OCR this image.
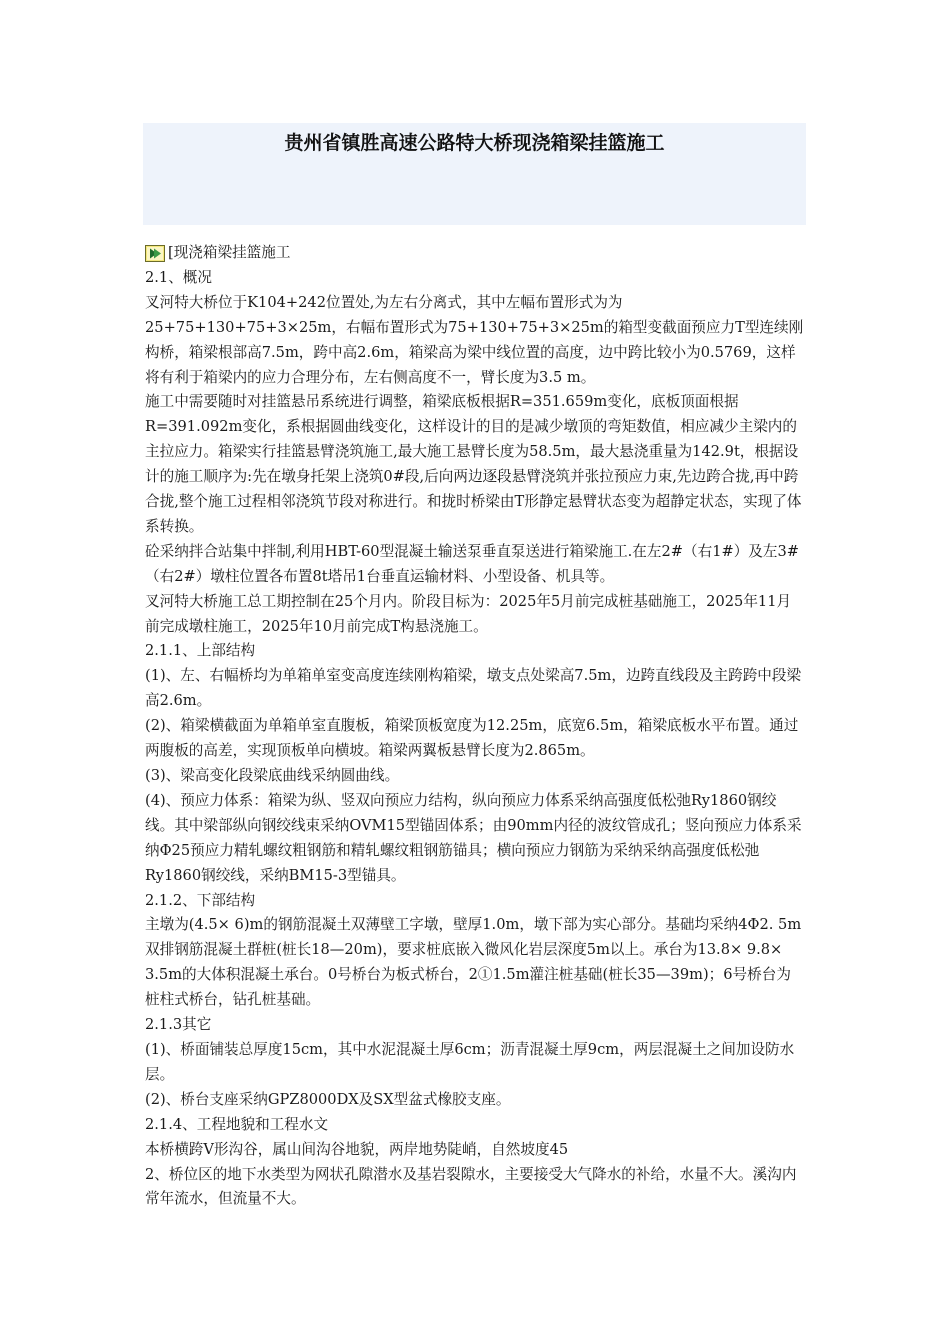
贵州省镇胜高速公路特大桥现浇箱梁挂篮施工
[现浇箱梁挂篮施工

2.1、概况

叉河特大桥位于K104+242位置处,为左右分离式，其中左幅布置形式为为25+75+130+75+3×25m，右幅布置形式为75+130+75+3×25m的箱型变截面预应力T型连续刚构桥，箱梁根部高7.5m，跨中高2.6m，箱梁高为梁中线位置的高度，边中跨比较小为0.5769，这样将有利于箱梁内的应力合理分布，左右侧高度不一，臂长度为3.5 m。

施工中需要随时对挂篮悬吊系统进行调整，箱梁底板根据R=351.659m变化，底板顶面根据R=391.092m变化，系根据圆曲线变化，这样设计的目的是减少墩顶的弯矩数值，相应减少主梁内的主拉应力。箱梁实行挂篮悬臂浇筑施工,最大施工悬臂长度为58.5m，最大悬浇重量为142.9t，根据设计的施工顺序为:先在墩身托架上浇筑0#段,后向两边逐段悬臂浇筑并张拉预应力束,先边跨合拢,再中跨合拢,整个施工过程相邻浇筑节段对称进行。和拢时桥梁由T形静定悬臂状态变为超静定状态，实现了体系转换。

砼采纳拌合站集中拌制,利用HBT-60型混凝土输送泵垂直泵送进行箱梁施工.在左2#（右1#）及左3#（右2#）墩柱位置各布置8t塔吊1台垂直运输材料、小型设备、机具等。

叉河特大桥施工总工期控制在25个月内。阶段目标为：2025年5月前完成桩基础施工，2025年11月前完成墩柱施工，2025年10月前完成T构悬浇施工。

2.1.1、上部结构

(1)、左、右幅桥均为单箱单室变高度连续刚构箱梁，墩支点处梁高7.5m，边跨直线段及主跨跨中段梁高2.6m。

(2)、箱梁横截面为单箱单室直腹板，箱梁顶板宽度为12.25m，底宽6.5m，箱梁底板水平布置。通过两腹板的高差，实现顶板单向横坡。箱梁两翼板悬臂长度为2.865m。

(3)、梁高变化段梁底曲线采纳圆曲线。

(4)、预应力体系：箱梁为纵、竖双向预应力结构，纵向预应力体系采纳高强度低松弛Ry1860钢绞线。其中梁部纵向钢绞线束采纳OVM15型锚固体系；由90mm内径的波纹管成孔；竖向预应力体系采纳Φ25预应力精轧螺纹粗钢筋和精轧螺纹粗钢筋锚具；横向预应力钢筋为采纳采纳高强度低松弛Ry1860钢绞线，采纳BM15-3型锚具。

2.1.2、下部结构

主墩为(4.5× 6)m的钢筋混凝土双薄壁工字墩，壁厚1.0m，墩下部为实心部分。基础均采纳4Φ2. 5m双排钢筋混凝土群桩(桩长18—20m)，要求桩底嵌入微风化岩层深度5m以上。承台为13.8× 9.8× 3.5m的大体积混凝土承台。0号桥台为板式桥台，2①1.5m灌注桩基础(桩长35—39m)；6号桥台为桩柱式桥台，钻孔桩基础。

2.1.3其它

(1)、桥面铺装总厚度15cm，其中水泥混凝土厚6cm；沥青混凝土厚9cm，两层混凝土之间加设防水层。

(2)、桥台支座采纳GPZ8000DX及SX型盆式橡胶支座。

2.1.4、工程地貌和工程水文

本桥横跨V形沟谷，属山间沟谷地貌，两岸地势陡峭，自然坡度45

2、桥位区的地下水类型为网状孔隙潜水及基岩裂隙水，主要接受大气降水的补给，水量不大。溪沟内常年流水，但流量不大。
